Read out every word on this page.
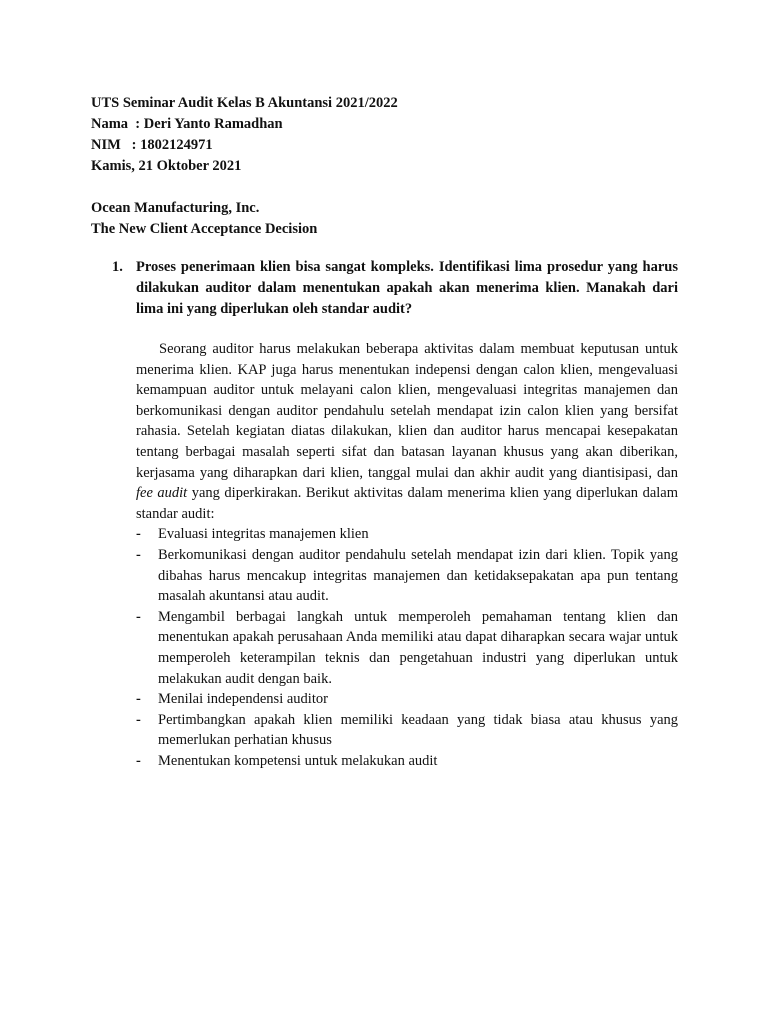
UTS Seminar Audit Kelas B Akuntansi 2021/2022
Nama  : Deri Yanto Ramadhan
NIM   : 1802124971
Kamis, 21 Oktober 2021
Ocean Manufacturing, Inc.
The New Client Acceptance Decision
1. Proses penerimaan klien bisa sangat kompleks. Identifikasi lima prosedur yang harus dilakukan auditor dalam menentukan apakah akan menerima klien. Manakah dari lima ini yang diperlukan oleh standar audit?

Seorang auditor harus melakukan beberapa aktivitas dalam membuat keputusan untuk menerima klien. KAP juga harus menentukan indepensi dengan calon klien, mengevaluasi kemampuan auditor untuk melayani calon klien, mengevaluasi integritas manajemen dan berkomunikasi dengan auditor pendahulu setelah mendapat izin calon klien yang bersifat rahasia. Setelah kegiatan diatas dilakukan, klien dan auditor harus mencapai kesepakatan tentang berbagai masalah seperti sifat dan batasan layanan khusus yang akan diberikan, kerjasama yang diharapkan dari klien, tanggal mulai dan akhir audit yang diantisipasi, dan fee audit yang diperkirakan. Berikut aktivitas dalam menerima klien yang diperlukan dalam standar audit:

- Evaluasi integritas manajemen klien
- Berkomunikasi dengan auditor pendahulu setelah mendapat izin dari klien. Topik yang dibahas harus mencakup integritas manajemen dan ketidaksepakatan apa pun tentang masalah akuntansi atau audit.
- Mengambil berbagai langkah untuk memperoleh pemahaman tentang klien dan menentukan apakah perusahaan Anda memiliki atau dapat diharapkan secara wajar untuk memperoleh keterampilan teknis dan pengetahuan industri yang diperlukan untuk melakukan audit dengan baik.
- Menilai independensi auditor
- Pertimbangkan apakah klien memiliki keadaan yang tidak biasa atau khusus yang memerlukan perhatian khusus
- Menentukan kompetensi untuk melakukan audit
